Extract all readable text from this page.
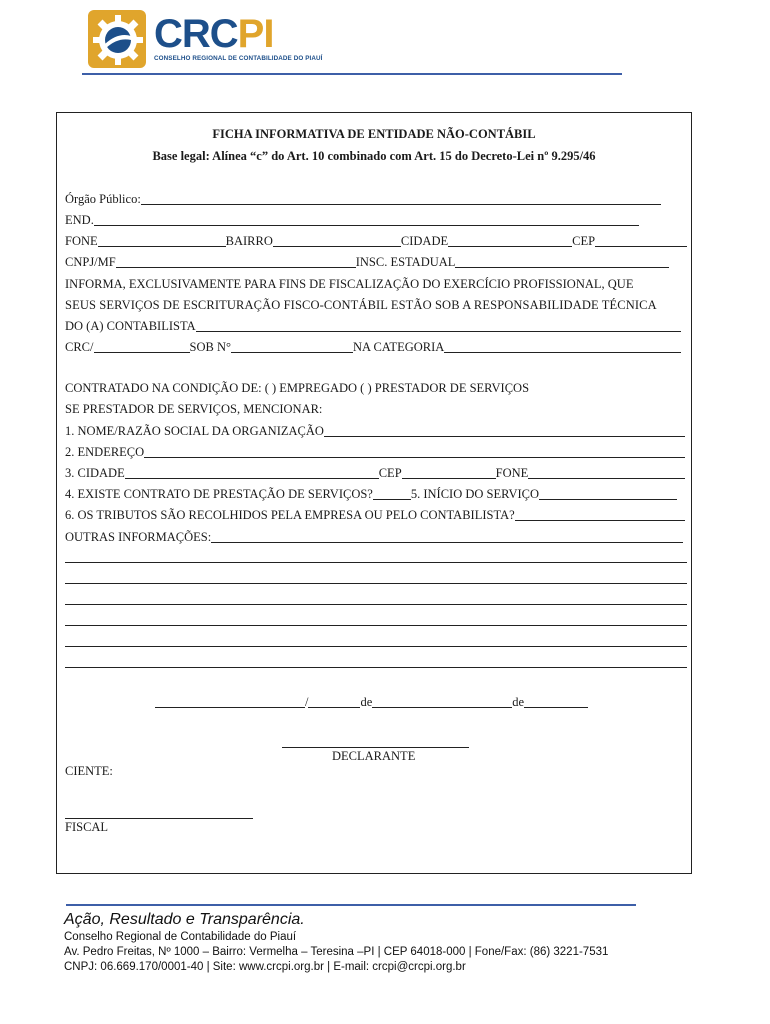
CRCPI
CONSELHO REGIONAL DE CONTABILIDADE DO PIAUÍ
FICHA INFORMATIVA DE ENTIDADE NÃO-CONTÁBIL
Base legal: Alínea “c” do Art. 10 combinado com Art. 15 do Decreto-Lei nº 9.295/46
Órgão Público:
END.
FONE	BAIRRO	CIDADE	CEP
CNPJ/MF	INSC. ESTADUAL
INFORMA, EXCLUSIVAMENTE PARA FINS DE FISCALIZAÇÃO DO EXERCÍCIO PROFISSIONAL, QUE
SEUS SERVIÇOS DE ESCRITURAÇÃO FISCO-CONTÁBIL ESTÃO SOB A RESPONSABILIDADE TÉCNICA
DO (A) CONTABILISTA
CRC/	SOB N°	NA CATEGORIA
CONTRATADO NA CONDIÇÃO DE: ( ) EMPREGADO ( ) PRESTADOR DE SERVIÇOS
SE PRESTADOR DE SERVIÇOS, MENCIONAR:
1. NOME/RAZÃO SOCIAL DA ORGANIZAÇÃO
2. ENDEREÇO
3. CIDADE	CEP	FONE
4. EXISTE CONTRATO DE PRESTAÇÃO DE SERVIÇOS?	5. INÍCIO DO SERVIÇO
6. OS TRIBUTOS SÃO RECOLHIDOS PELA EMPRESA OU PELO CONTABILISTA?
OUTRAS INFORMAÇÕES:
/	de	de
DECLARANTE
CIENTE:
FISCAL
Ação, Resultado e Transparência.
Conselho Regional de Contabilidade do Piauí
Av. Pedro Freitas, Nº 1000 – Bairro: Vermelha – Teresina –PI | CEP 64018-000 | Fone/Fax: (86) 3221-7531
CNPJ: 06.669.170/0001-40 | Site: www.crcpi.org.br | E-mail: crcpi@crcpi.org.br
